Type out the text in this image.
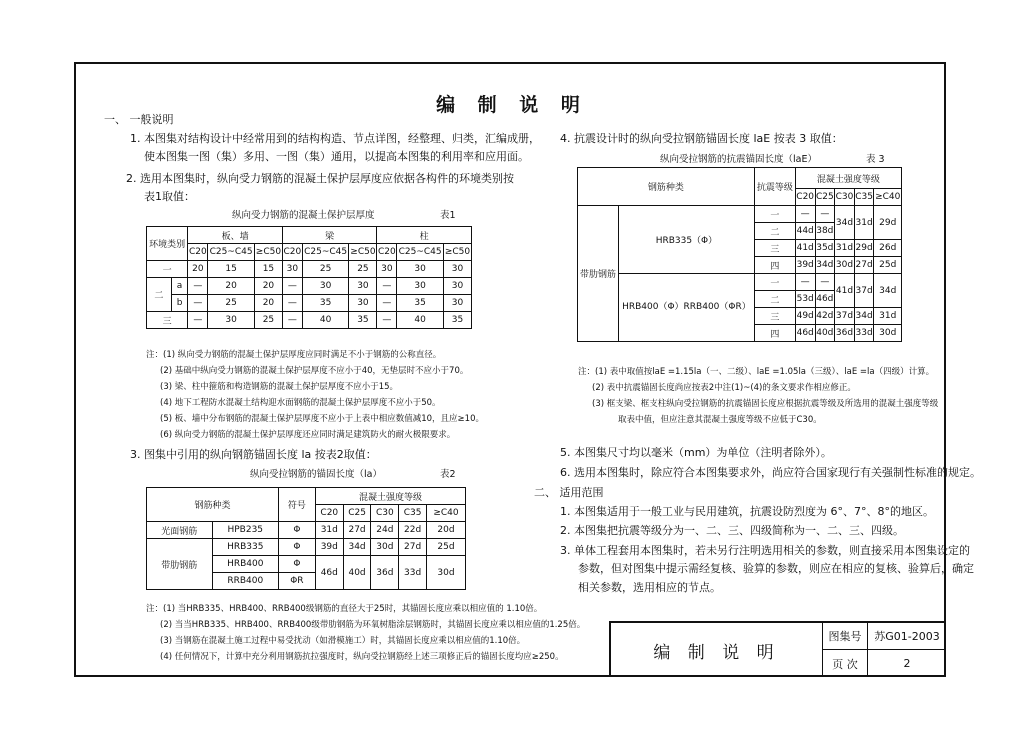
编 制 说 明
一、 一般说明
1. 本图集对结构设计中经常用到的结构构造、节点详图，经整理、归类，汇编成册，
使本图集一图（集）多用、一图（集）通用，以提高本图集的利用率和应用面。
2. 选用本图集时，纵向受力钢筋的混凝土保护层厚度应依据各构件的环境类别按
表1取值：
纵向受力钢筋的混凝土保护层厚度	表1
环境类别		板、墙			梁			柱		
		C20	C25~C45	≥C50	C20	C25~C45	≥C50	C20	C25~C45	≥C50
一		20	15	15	30	25	25	30	30	30
二	a	—	20	20	—	30	30	—	30	30
	b	—	25	20	—	35	30	—	35	30
三		—	30	25	—	40	35	—	40	35
注：(1) 纵向受力钢筋的混凝土保护层厚度应同时满足不小于钢筋的公称直径。
(2) 基础中纵向受力钢筋的混凝土保护层厚度不应小于40，无垫层时不应小于70。
(3) 梁、柱中箍筋和构造钢筋的混凝土保护层厚度不应小于15。
(4) 地下工程防水混凝土结构迎水面钢筋的混凝土保护层厚度不应小于50。
(5) 板、墙中分布钢筋的混凝土保护层厚度不应小于上表中相应数值减10，且应≥10。
(6) 纵向受力钢筋的混凝土保护层厚度还应同时满足建筑防火的耐火极限要求。
3. 图集中引用的纵向钢筋锚固长度 la 按表2取值：
纵向受拉钢筋的锚固长度（la）	表2
钢筋种类		符号	混凝土强度等级				
			C20	C25	C30	C35	≥C40
光面钢筋	HPB235	Φ	31d	27d	24d	22d	20d
带肋钢筋	HRB335	Φ	39d	34d	30d	27d	25d
	HRB400	Φ	46d	40d	36d	33d	30d
	RRB400	ΦR					
注：(1) 当HRB335、HRB400、RRB400级钢筋的直径大于25时，其锚固长度应乘以相应值的 1.10倍。
(2) 当当HRB335、HRB400、RRB400级带肋钢筋为环氧树脂涂层钢筋时，其锚固长度应乘以相应值的1.25倍。
(3) 当钢筋在混凝土施工过程中易受扰动（如滑模施工）时，其锚固长度应乘以相应值的1.10倍。
(4) 任何情况下，计算中充分利用钢筋抗拉强度时，纵向受拉钢筋经上述三项修正后的锚固长度均应≥250。
4. 抗震设计时的纵向受拉钢筋锚固长度 laE 按表 3 取值：
纵向受拉钢筋的抗震锚固长度（laE）	表 3
钢筋种类		抗震等级	混凝土强度等级				
			C20	C25	C30	C35	≥C40
带肋钢筋	HRB335（Φ）	一	—	—	34d	31d	29d
		二	44d	38d			
		三	41d	35d	31d	29d	26d
		四	39d	34d	30d	27d	25d
	HRB400（Φ）RRB400（ΦR）	一	—	—	41d	37d	34d
		二	53d	46d			
		三	49d	42d	37d	34d	31d
		四	46d	40d	36d	33d	30d
注：(1) 表中取值按laE =1.15la（一、二级）、laE =1.05la（三级）、laE =la（四级）计算。
(2) 表中抗震锚固长度尚应按表2中注(1)~(4)的条文要求作相应修正。
(3) 框支梁、框支柱纵向受拉钢筋的抗震锚固长度应根据抗震等级及所选用的混凝土强度等级
取表中值，但应注意其混凝土强度等级不应低于C30。
5. 本图集尺寸均以毫米（mm）为单位（注明者除外）。
6. 选用本图集时，除应符合本图集要求外，尚应符合国家现行有关强制性标准的规定。
二、 适用范围
1. 本图集适用于一般工业与民用建筑，抗震设防烈度为 6°、7°、8°的地区。
2. 本图集把抗震等级分为一、二、三、四级简称为一、二、三、四级。
3. 单体工程套用本图集时，若未另行注明选用相关的参数，则直接采用本图集设定的
参数，但对图集中提示需经复核、验算的参数，则应在相应的复核、验算后，确定
相关参数，选用相应的节点。
编 制 说 明
图集号	苏G01-2003
页 次	2
